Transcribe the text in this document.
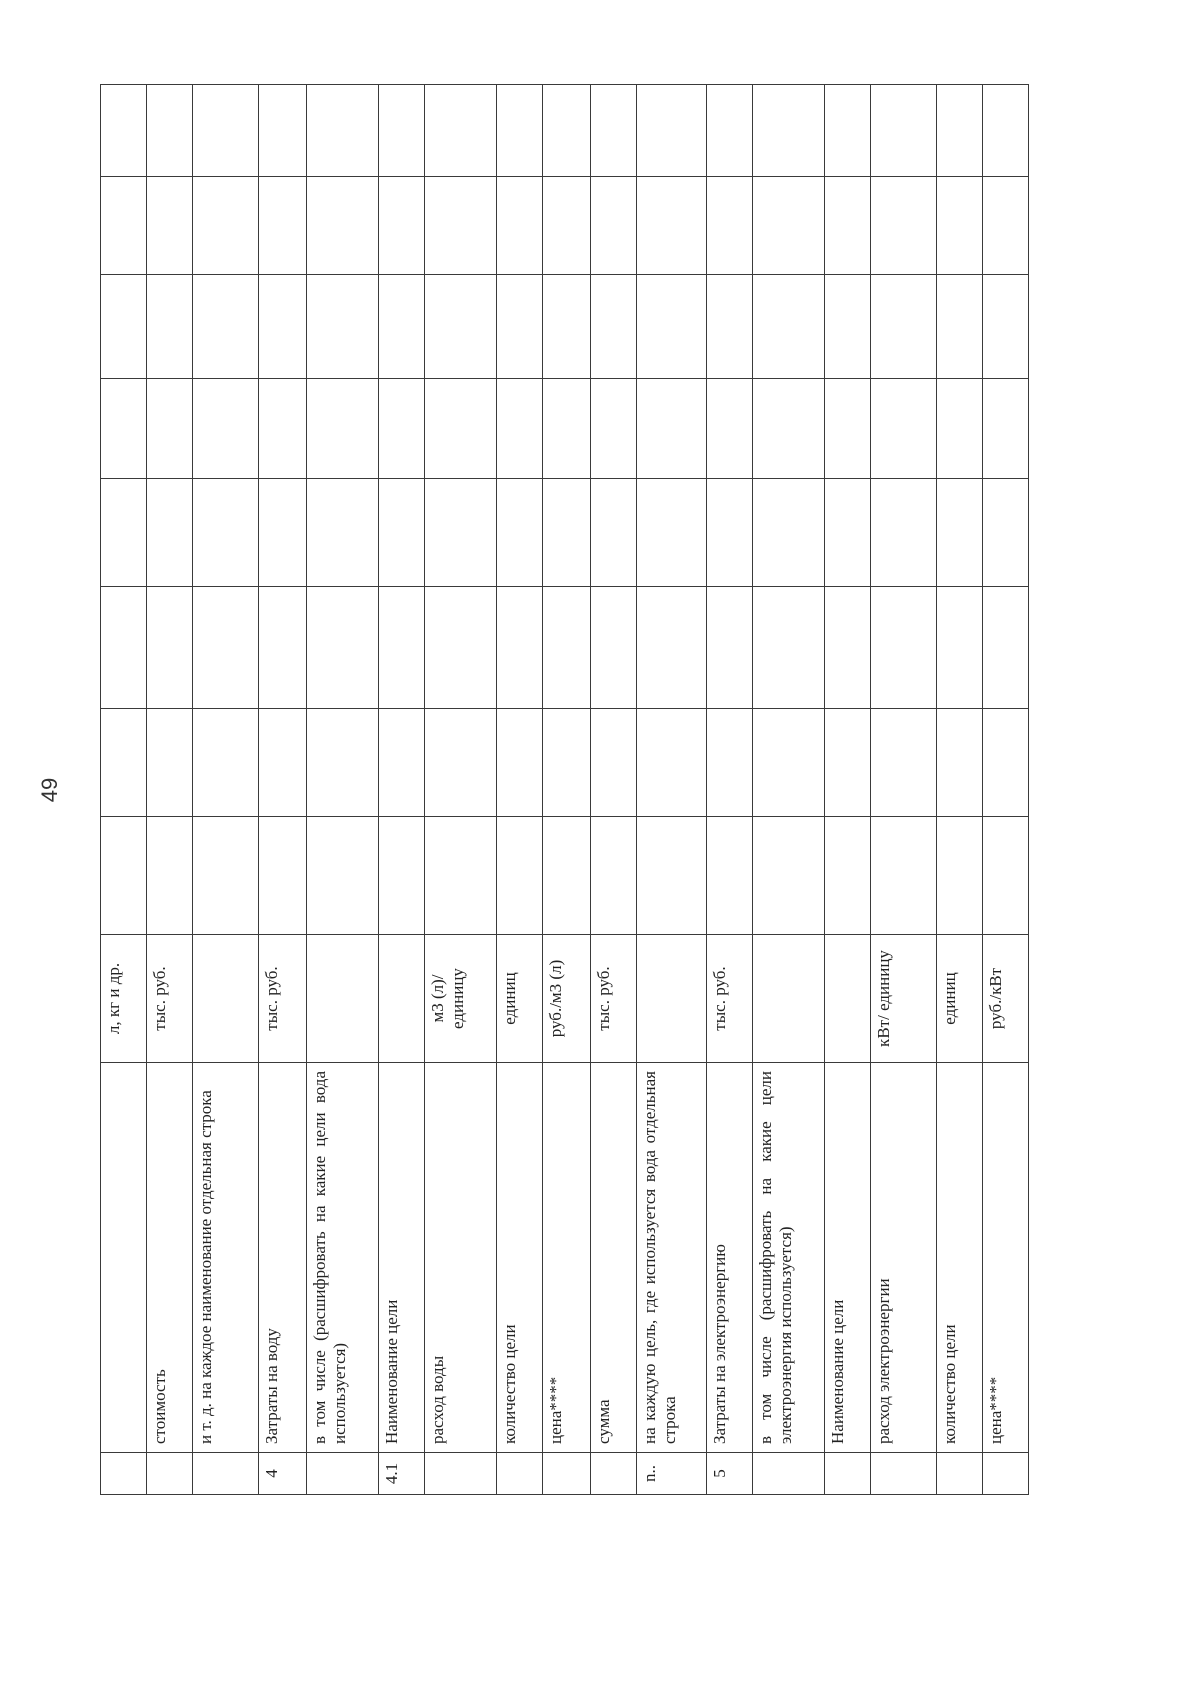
49
		л, кг и др.								
	стоимость	тыс. руб.								
	и т. д. на каждое наименование отдельная строка									
4	Затраты на воду	тыс. руб.								
	в том числе (расшифровать на какие цели вода используется)									
4.1	Наименование цели									
	расход воды	м3 (л)/ единицу								
	количество цели	единиц								
	цена****	руб./м3 (л)								
	сумма	тыс. руб.								
n..	на каждую цель, где используется вода отдельная строка									
5	Затраты на электроэнергию	тыс. руб.								
	в том числе (расшифровать на какие цели электроэнергия используется)									
	Наименование цели									
	расход электроэнергии	кВт/ единицу								
	количество цели	единиц								
	цена****	руб./кВт								
